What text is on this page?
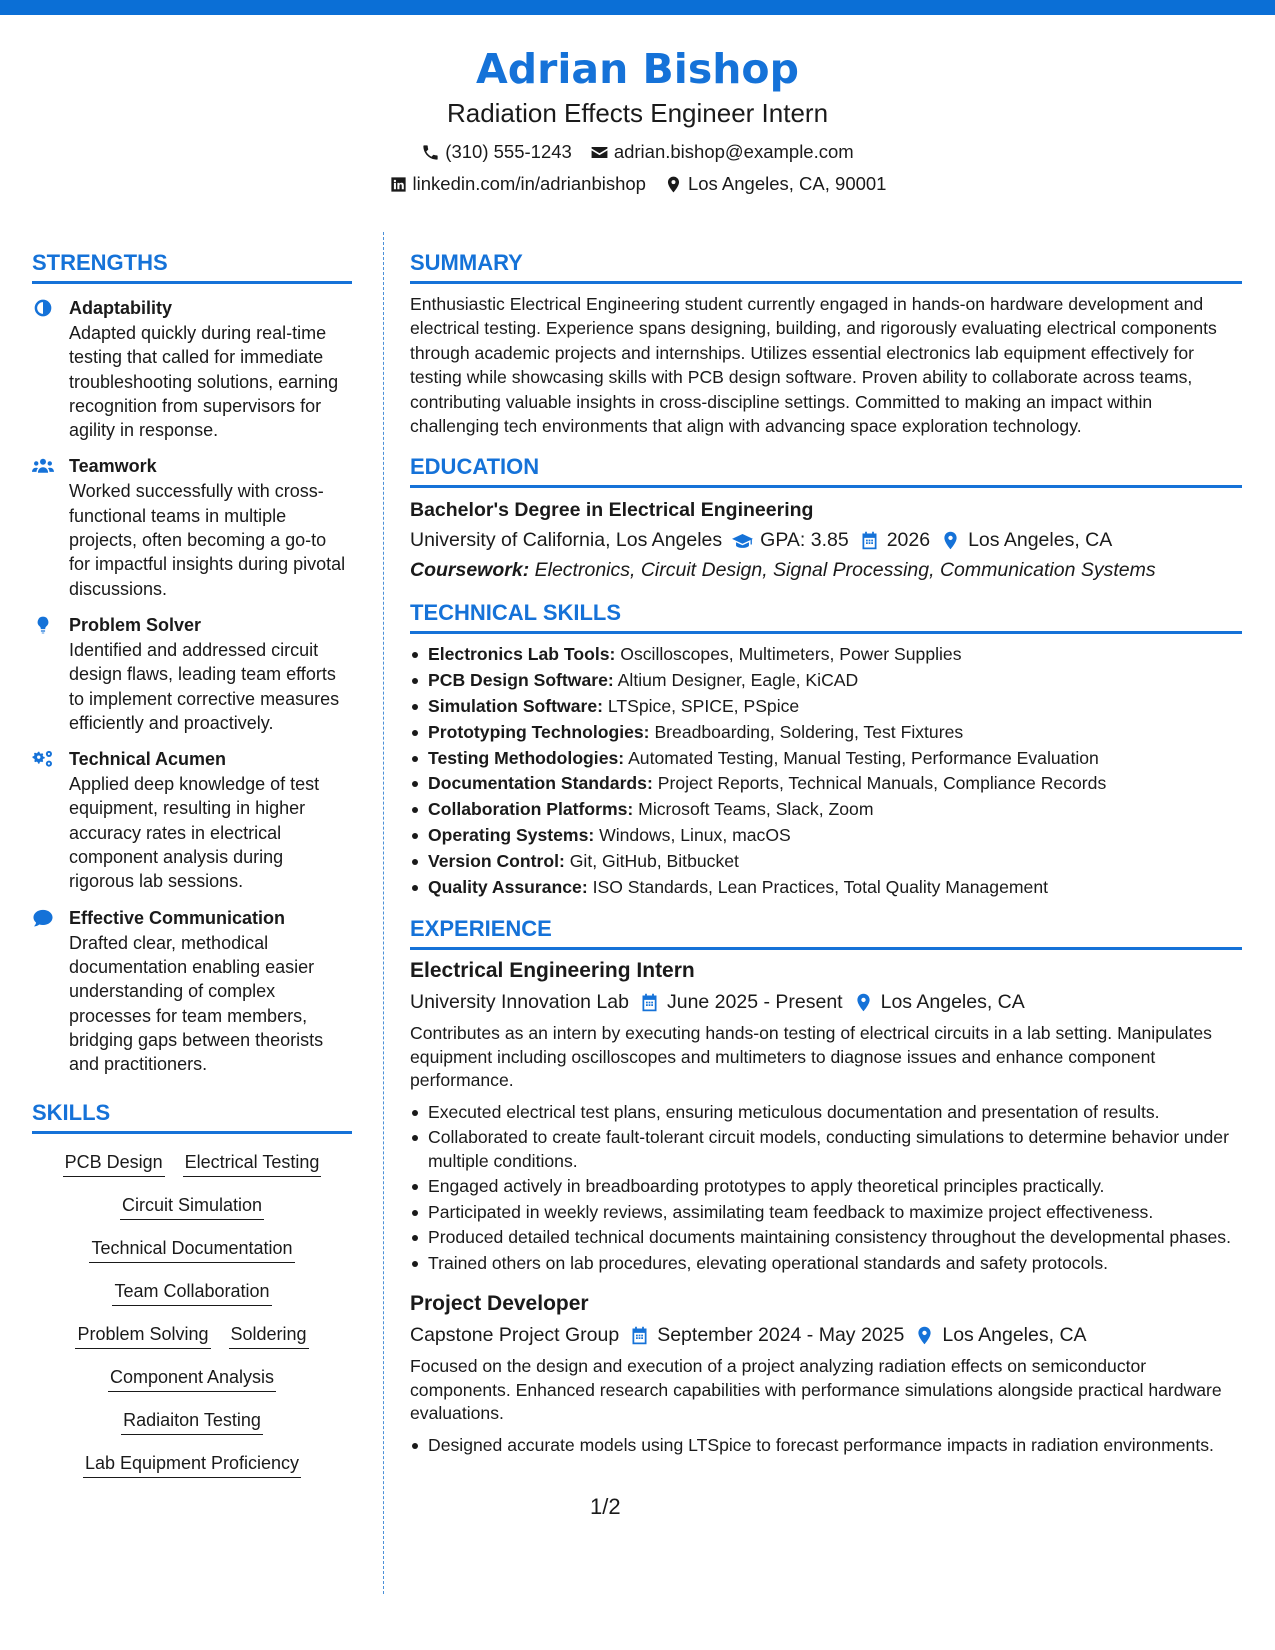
Adrian Bishop
Radiation Effects Engineer Intern
(310) 555-1243 adrian.bishop@example.com
linkedin.com/in/adrianbishop Los Angeles, CA, 90001
STRENGTHS
Adaptability
Adapted quickly during real-time testing that called for immediate troubleshooting solutions, earning recognition from supervisors for agility in response.
Teamwork
Worked successfully with cross-functional teams in multiple projects, often becoming a go-to for impactful insights during pivotal discussions.
Problem Solver
Identified and addressed circuit design flaws, leading team efforts to implement corrective measures efficiently and proactively.
Technical Acumen
Applied deep knowledge of test equipment, resulting in higher accuracy rates in electrical component analysis during rigorous lab sessions.
Effective Communication
Drafted clear, methodical documentation enabling easier understanding of complex processes for team members, bridging gaps between theorists and practitioners.
SKILLS
PCB Design Electrical Testing
Circuit Simulation
Technical Documentation
Team Collaboration
Problem Solving Soldering
Component Analysis
Radiaiton Testing
Lab Equipment Proficiency
SUMMARY
Enthusiastic Electrical Engineering student currently engaged in hands-on hardware development and electrical testing. Experience spans designing, building, and rigorously evaluating electrical components through academic projects and internships. Utilizes essential electronics lab equipment effectively for testing while showcasing skills with PCB design software. Proven ability to collaborate across teams, contributing valuable insights in cross-discipline settings. Committed to making an impact within challenging tech environments that align with advancing space exploration technology.
EDUCATION
Bachelor's Degree in Electrical Engineering
University of California, Los Angeles GPA: 3.85 2026 Los Angeles, CA
Coursework: Electronics, Circuit Design, Signal Processing, Communication Systems
TECHNICAL SKILLS
Electronics Lab Tools: Oscilloscopes, Multimeters, Power Supplies
PCB Design Software: Altium Designer, Eagle, KiCAD
Simulation Software: LTSpice, SPICE, PSpice
Prototyping Technologies: Breadboarding, Soldering, Test Fixtures
Testing Methodologies: Automated Testing, Manual Testing, Performance Evaluation
Documentation Standards: Project Reports, Technical Manuals, Compliance Records
Collaboration Platforms: Microsoft Teams, Slack, Zoom
Operating Systems: Windows, Linux, macOS
Version Control: Git, GitHub, Bitbucket
Quality Assurance: ISO Standards, Lean Practices, Total Quality Management
EXPERIENCE
Electrical Engineering Intern
University Innovation Lab June 2025 - Present Los Angeles, CA
Contributes as an intern by executing hands-on testing of electrical circuits in a lab setting. Manipulates equipment including oscilloscopes and multimeters to diagnose issues and enhance component performance.
Executed electrical test plans, ensuring meticulous documentation and presentation of results.
Collaborated to create fault-tolerant circuit models, conducting simulations to determine behavior under multiple conditions.
Engaged actively in breadboarding prototypes to apply theoretical principles practically.
Participated in weekly reviews, assimilating team feedback to maximize project effectiveness.
Produced detailed technical documents maintaining consistency throughout the developmental phases.
Trained others on lab procedures, elevating operational standards and safety protocols.
Project Developer
Capstone Project Group September 2024 - May 2025 Los Angeles, CA
Focused on the design and execution of a project analyzing radiation effects on semiconductor components. Enhanced research capabilities with performance simulations alongside practical hardware evaluations.
Designed accurate models using LTSpice to forecast performance impacts in radiation environments.
1/2
